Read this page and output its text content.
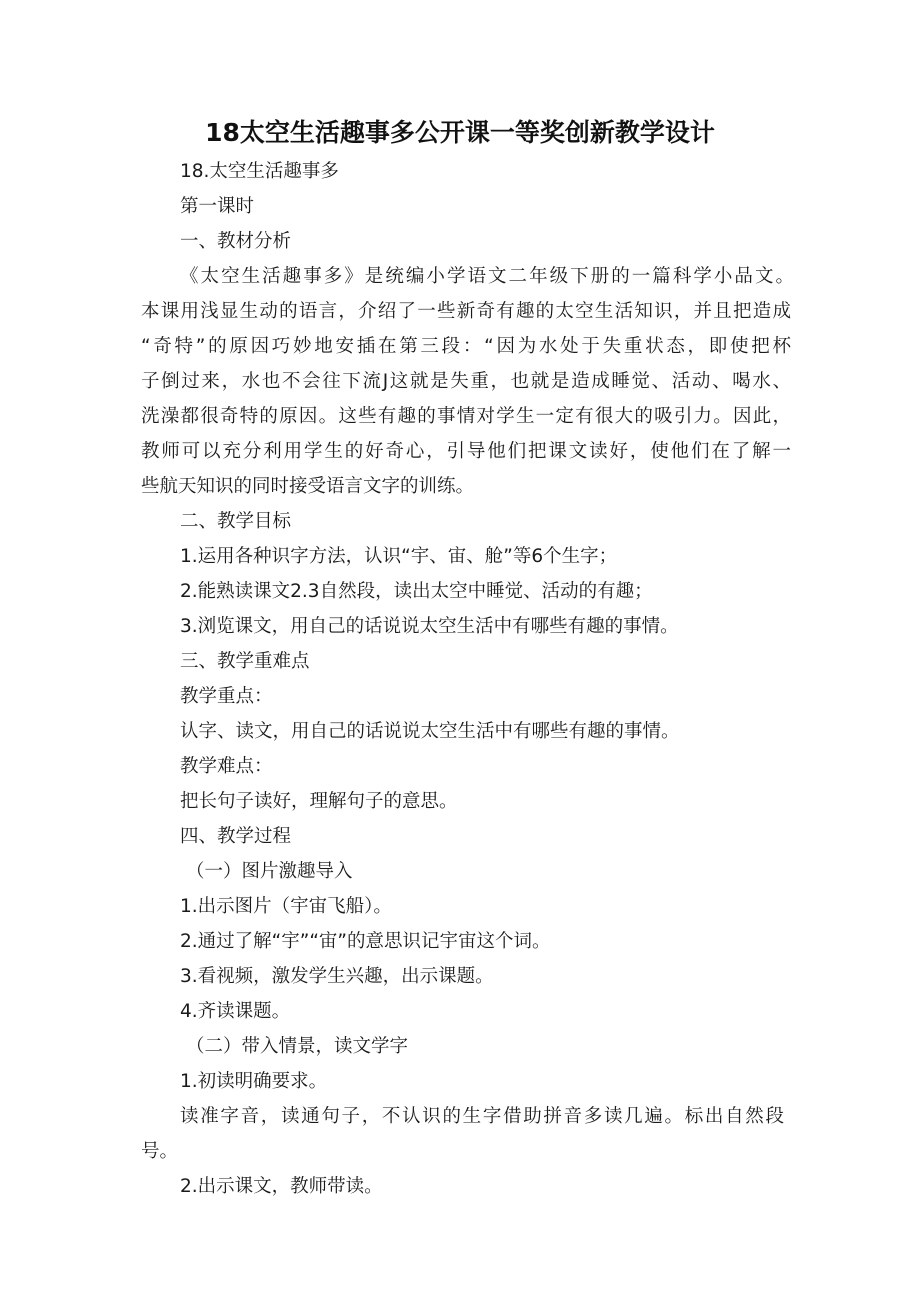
18太空生活趣事多公开课一等奖创新教学设计
18.太空生活趣事多
第一课时
一、教材分析
《太空生活趣事多》是统编小学语文二年级下册的一篇科学小品文。
本课用浅显生动的语言，介绍了一些新奇有趣的太空生活知识，并且把造成
“奇特”的原因巧妙地安插在第三段：“因为水处于失重状态，即使把杯
子倒过来，水也不会往下流J这就是失重，也就是造成睡觉、活动、喝水、
洗澡都很奇特的原因。这些有趣的事情对学生一定有很大的吸引力。因此，
教师可以充分利用学生的好奇心，引导他们把课文读好，使他们在了解一
些航天知识的同时接受语言文字的训练。
二、教学目标
1.运用各种识字方法，认识“宇、宙、舱”等6个生字；
2.能熟读课文2.3自然段，读出太空中睡觉、活动的有趣；
3.浏览课文，用自己的话说说太空生活中有哪些有趣的事情。
三、教学重难点
教学重点：
认字、读文，用自己的话说说太空生活中有哪些有趣的事情。
教学难点：
把长句子读好，理解句子的意思。
四、教学过程
（一）图片激趣导入
1.出示图片（宇宙飞船）。
2.通过了解“宇”“宙”的意思识记宇宙这个词。
3.看视频，激发学生兴趣，出示课题。
4.齐读课题。
（二）带入情景，读文学字
1.初读明确要求。
读准字音，读通句子，不认识的生字借助拼音多读几遍。标出自然段
号。
2.出示课文，教师带读。
